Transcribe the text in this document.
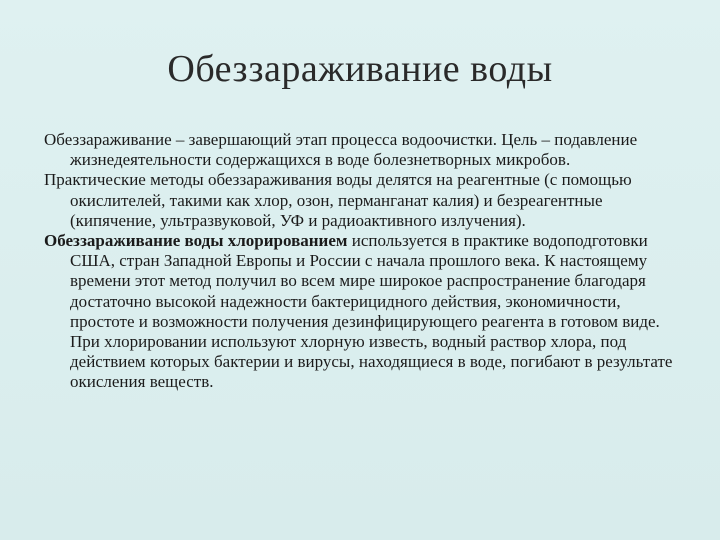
Обеззараживание воды

Обеззараживание – завершающий этап процесса водоочистки. Цель – подавление жизнедеятельности содержащихся в воде болезнетворных микробов.

Практические методы обеззараживания воды делятся на реагентные (с помощью окислителей, такими как хлор, озон, перманганат калия) и безреагентные (кипячение, ультразвуковой, УФ и радиоактивного излучения).

Обеззараживание воды хлорированием используется в практике водоподготовки США, стран Западной Европы и России с начала прошлого века. К настоящему времени этот метод получил во всем мире широкое распространение благодаря достаточно высокой надежности бактерицидного действия, экономичности, простоте и возможности получения дезинфицирующего реагента в готовом виде. При хлорировании используют хлорную известь, водный раствор хлора, под действием которых бактерии и вирусы, находящиеся в воде, погибают в результате окисления веществ.
